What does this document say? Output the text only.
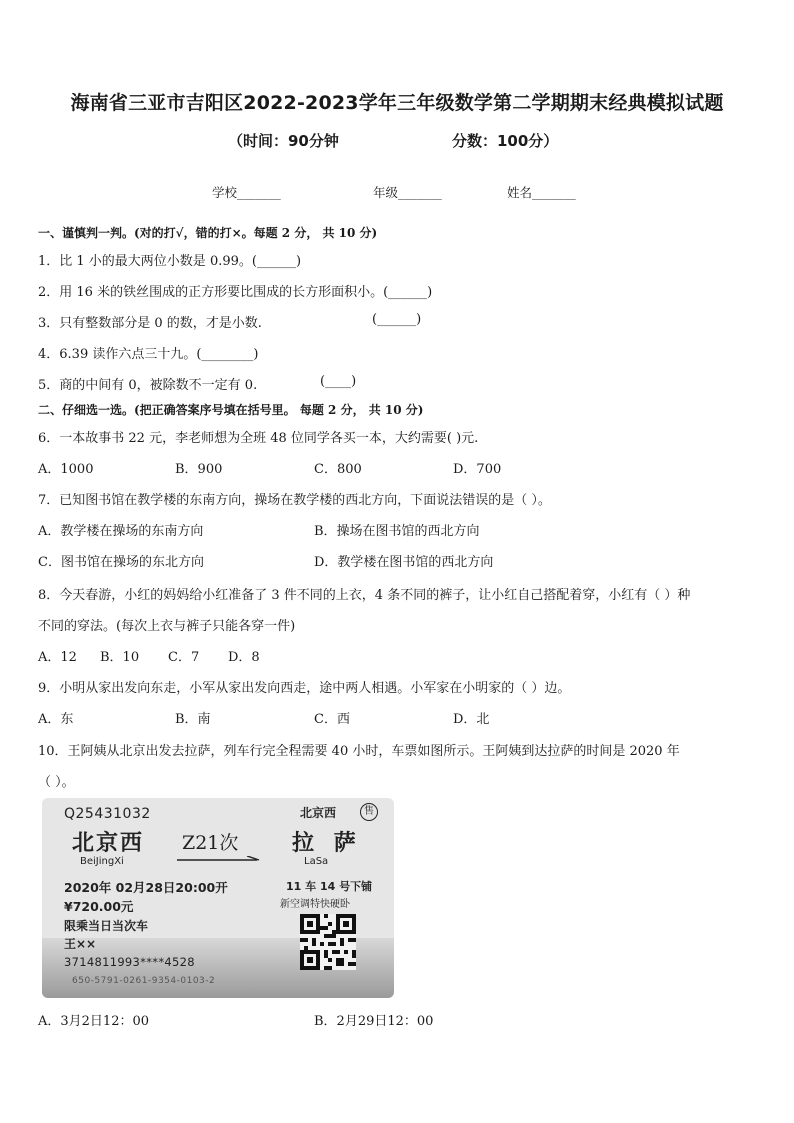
海南省三亚市吉阳区2022-2023学年三年级数学第二学期期末经典模拟试题
（时间：90分钟	分数：100分）
学校_______	年级_______	姓名_______
一、谨慎判一判。(对的打√，错的打×。每题 2 分， 共 10 分)
1．比 1 小的最大两位小数是 0.99。(______)
2．用 16 米的铁丝围成的正方形要比围成的长方形面积小。(______)
3．只有整数部分是 0 的数，才是小数.	(______)
4．6.39 读作六点三十九。(________)
5．商的中间有 0，被除数不一定有 0.	(____)
二、仔细选一选。(把正确答案序号填在括号里。 每题 2 分， 共 10 分)
6．一本故事书 22 元，李老师想为全班 48 位同学各买一本，大约需要( )元.
A．1000	B．900	C．800	D．700
7．已知图书馆在教学楼的东南方向，操场在教学楼的西北方向，下面说法错误的是（ ）。
A．教学楼在操场的东南方向	B．操场在图书馆的西北方向
C．图书馆在操场的东北方向	D．教学楼在图书馆的西北方向
8．今天春游，小红的妈妈给小红准备了 3 件不同的上衣，4 条不同的裤子，让小红自己搭配着穿，小红有（ ）种
不同的穿法。(每次上衣与裤子只能各穿一件)
A．12 B．10 C．7 D．8
9．小明从家出发向东走，小军从家出发向西走，途中两人相遇。小军家在小明家的（ ）边。
A．东	B．南	C．西	D．北
10．王阿姨从北京出发去拉萨，列车行完全程需要 40 小时，车票如图所示。王阿姨到达拉萨的时间是 2020 年
（ ）。
Q25431032	北京西	售
北京西
BeiJingXi
Z21次 拉 萨
LaSa
2020年 02月28日20:00开	11 车 14 号下铺
¥720.00元	新空调特快硬卧
限乘当日当次车
王××
3714811993****4528
650-5791-0261-9354-0103-2
A．3月2日12：00	B．2月29日12：00
